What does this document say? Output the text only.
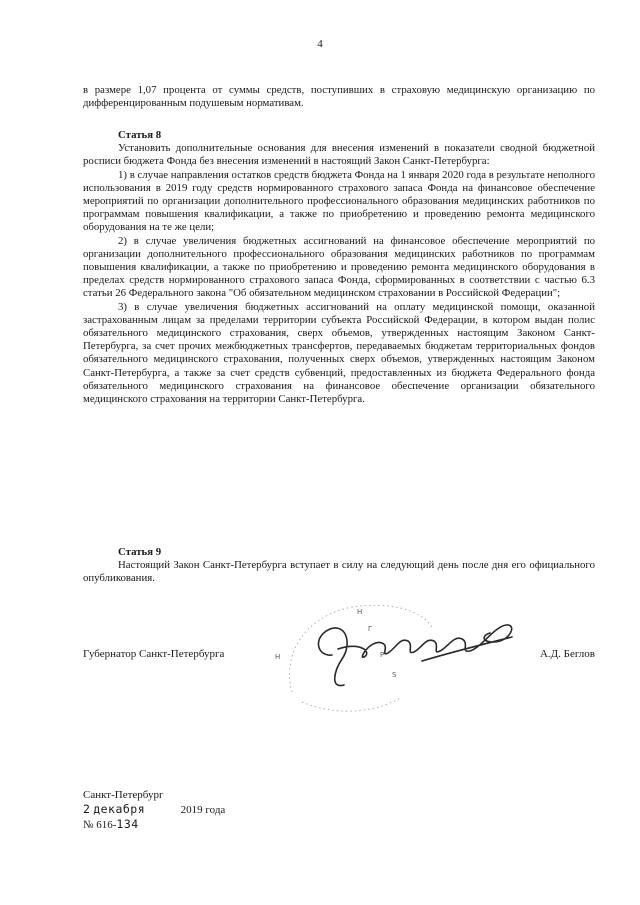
4

в размере 1,07 процента от суммы средств, поступивших в страховую медицинскую организацию по дифференцированным подушевым нормативам.

Статья 8

Установить дополнительные основания для внесения изменений в показатели сводной бюджетной росписи бюджета Фонда без внесения изменений в настоящий Закон Санкт-Петербурга:

1) в случае направления остатков средств бюджета Фонда на 1 января 2020 года в результате неполного использования в 2019 году средств нормированного страхового запаса Фонда на финансовое обеспечение мероприятий по организации дополнительного профессионального образования медицинских работников по программам повышения квалификации, а также по приобретению и проведению ремонта медицинского оборудования на те же цели;

2) в случае увеличения бюджетных ассигнований на финансовое обеспечение мероприятий по организации дополнительного профессионального образования медицинских работников по программам повышения квалификации, а также по приобретению и проведению ремонта медицинского оборудования в пределах средств нормированного страхового запаса Фонда, сформированных в соответствии с частью 6.3 статьи 26 Федерального закона "Об обязательном медицинском страховании в Российской Федерации";

3) в случае увеличения бюджетных ассигнований на оплату медицинской помощи, оказанной застрахованным лицам за пределами территории субъекта Российской Федерации, в котором выдан полис обязательного медицинского страхования, сверх объемов, утвержденных настоящим Законом Санкт-Петербурга, за счет прочих межбюджетных трансфертов, передаваемых бюджетам территориальных фондов обязательного медицинского страхования, полученных сверх объемов, утвержденных настоящим Законом Санкт-Петербурга, а также за счет средств субвенций, предоставленных из бюджета Федерального фонда обязательного медицинского страхования на финансовое обеспечение организации обязательного медицинского страхования на территории Санкт-Петербурга.

Статья 9

Настоящий Закон Санкт-Петербурга вступает в силу на следующий день после дня его официального опубликования.

Н
Г
Р
S
Н
Губернатор Санкт-Петербурга	А.Д. Беглов
Санкт-Петербург
2 декабря	2019 года
№ 616-134
